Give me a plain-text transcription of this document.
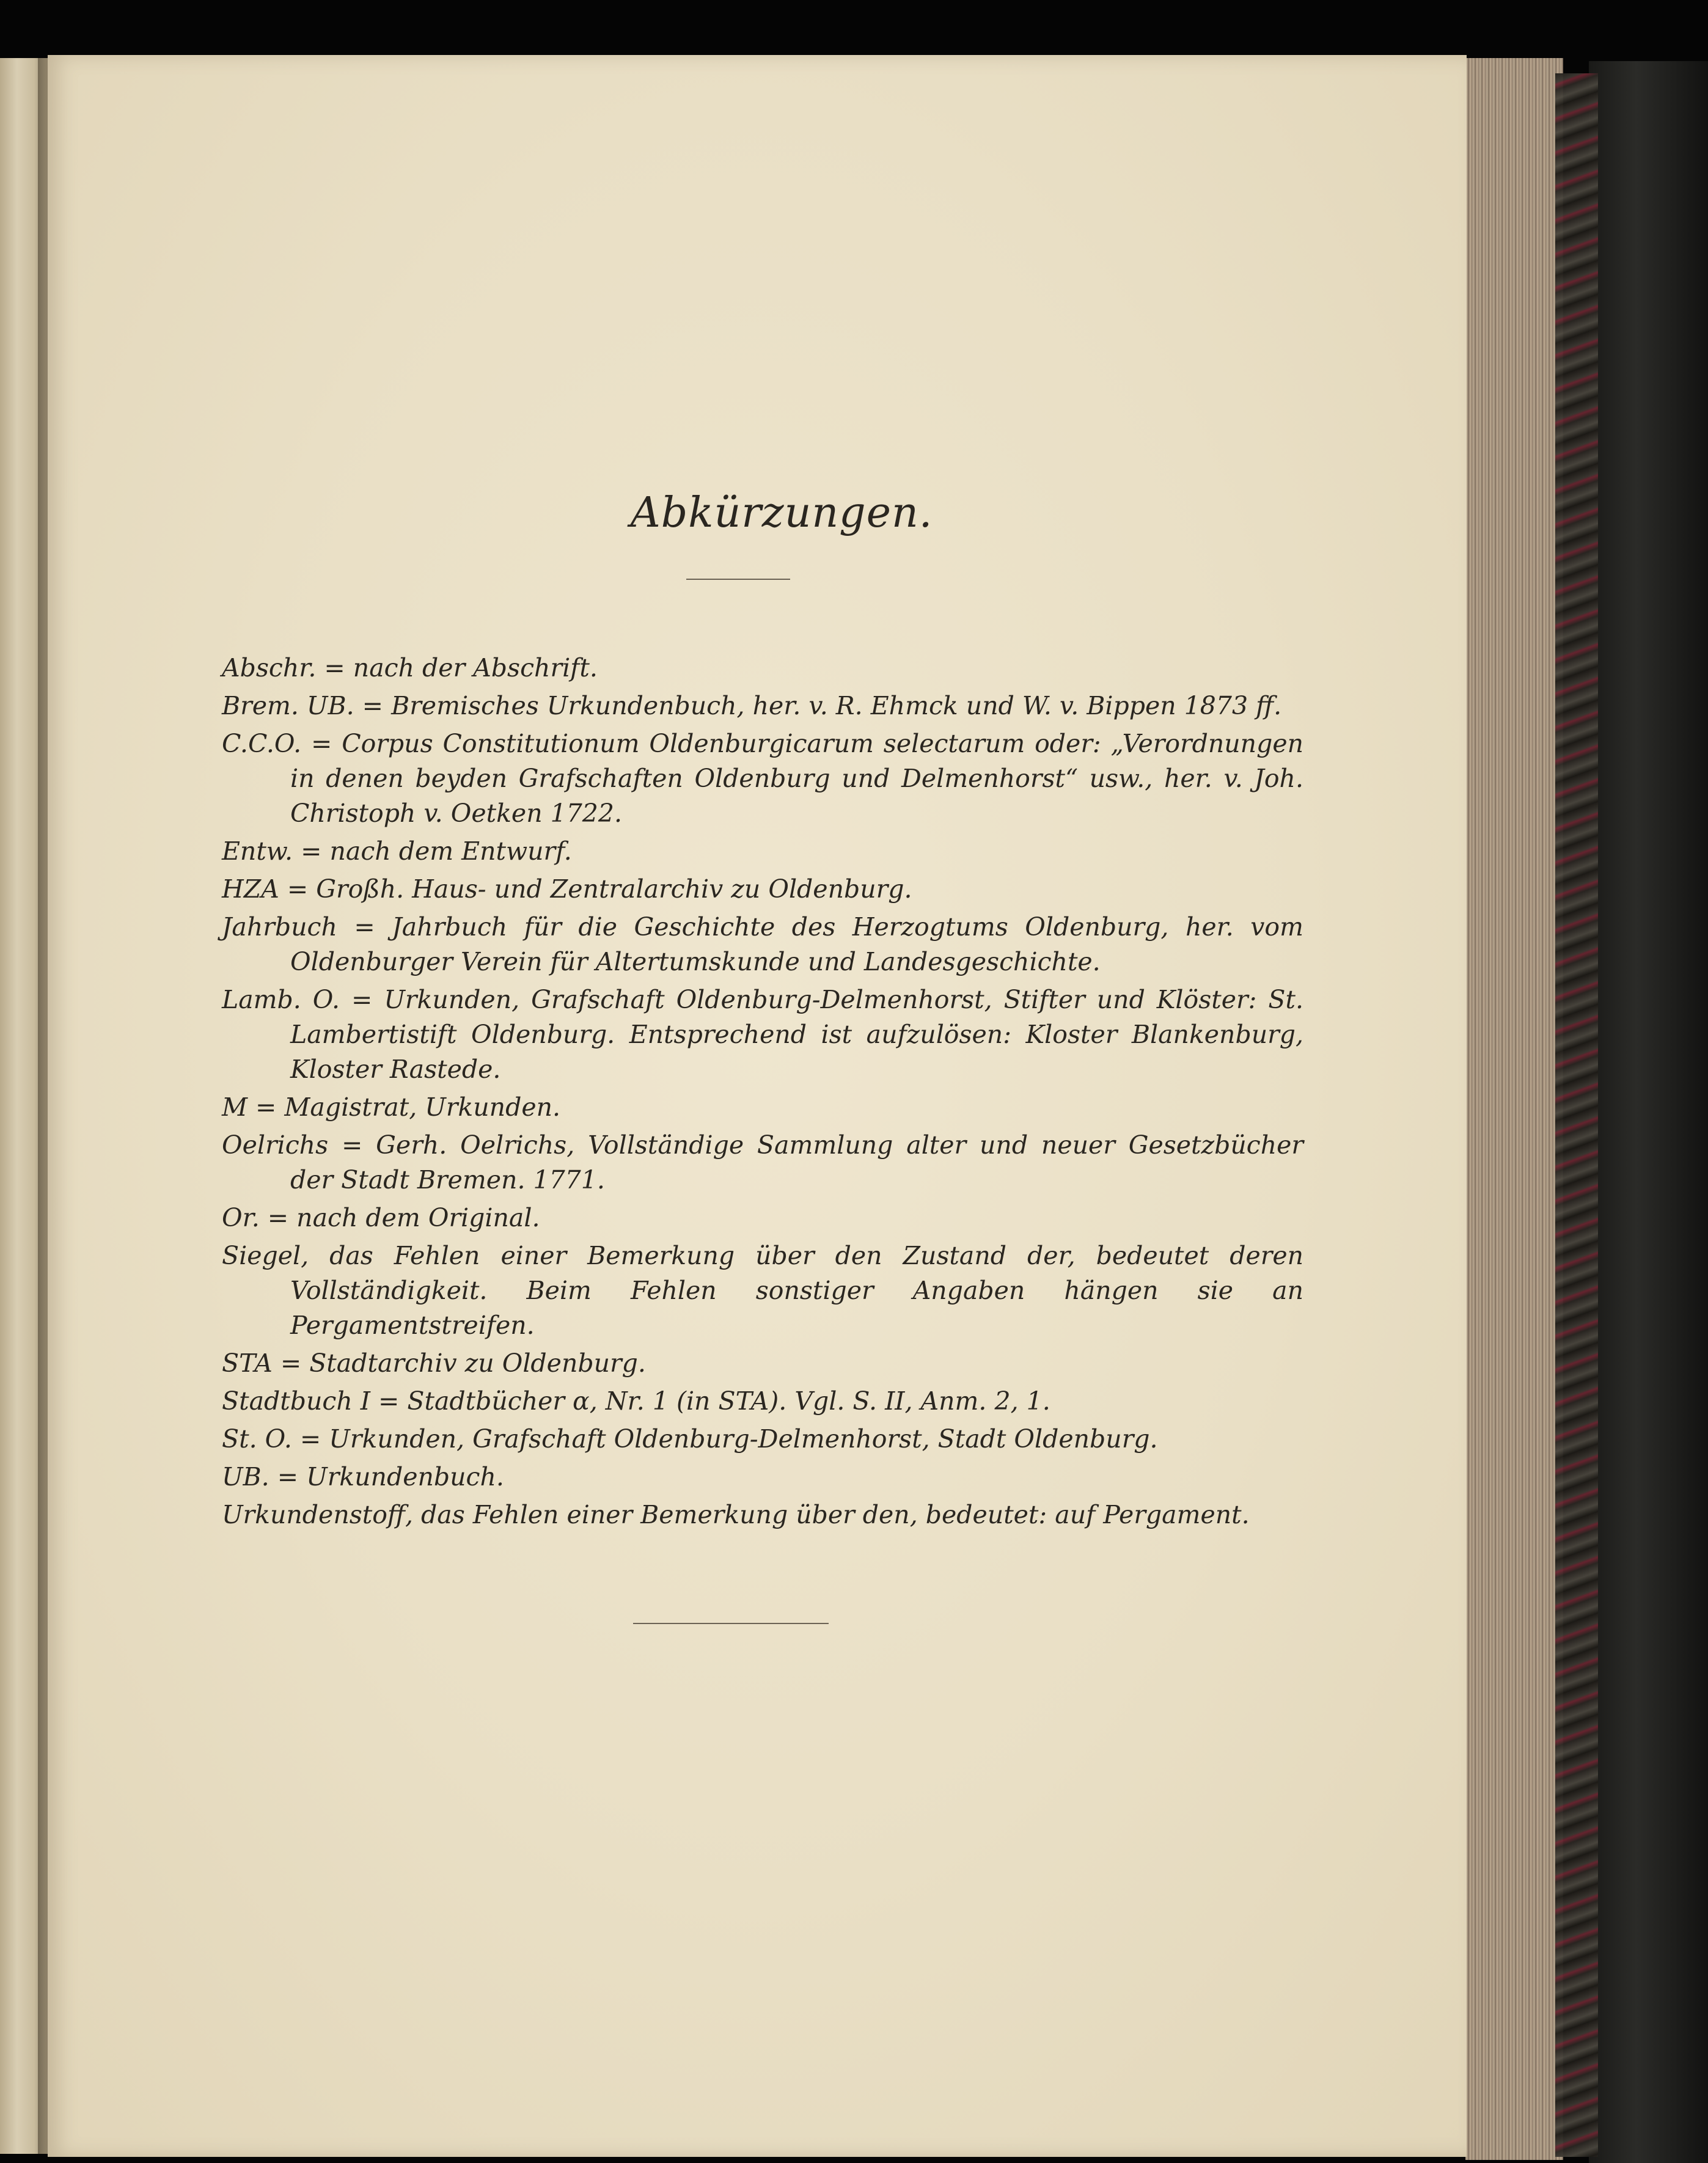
Abkürzungen.

Abschr. = nach der Abschrift.

Brem. UB. = Bremisches Urkundenbuch, her. v. R. Ehmck und W. v. Bippen 1873 ff.

C.C.O. = Corpus Constitutionum Oldenburgicarum selectarum oder: „Verordnungen in denen beyden Grafschaften Oldenburg und Delmenhorst“ usw., her. v. Joh. Christoph v. Oetken 1722.

Entw. = nach dem Entwurf.

HZA = Großh. Haus- und Zentralarchiv zu Oldenburg.

Jahrbuch = Jahrbuch für die Geschichte des Herzogtums Oldenburg, her. vom Oldenburger Verein für Altertumskunde und Landesgeschichte.

Lamb. O. = Urkunden, Grafschaft Oldenburg-Delmenhorst, Stifter und Klöster: St. Lambertistift Oldenburg. Entsprechend ist aufzulösen: Kloster Blankenburg, Kloster Rastede.

M = Magistrat, Urkunden.

Oelrichs = Gerh. Oelrichs, Vollständige Sammlung alter und neuer Gesetzbücher der Stadt Bremen. 1771.

Or. = nach dem Original.

Siegel, das Fehlen einer Bemerkung über den Zustand der, bedeutet deren Vollständigkeit. Beim Fehlen sonstiger Angaben hängen sie an Pergamentstreifen.

STA = Stadtarchiv zu Oldenburg.

Stadtbuch I = Stadtbücher α, Nr. 1 (in STA). Vgl. S. II, Anm. 2, 1.

St. O. = Urkunden, Grafschaft Oldenburg-Delmenhorst, Stadt Oldenburg.

UB. = Urkundenbuch.

Urkundenstoff, das Fehlen einer Bemerkung über den, bedeutet: auf Pergament.
